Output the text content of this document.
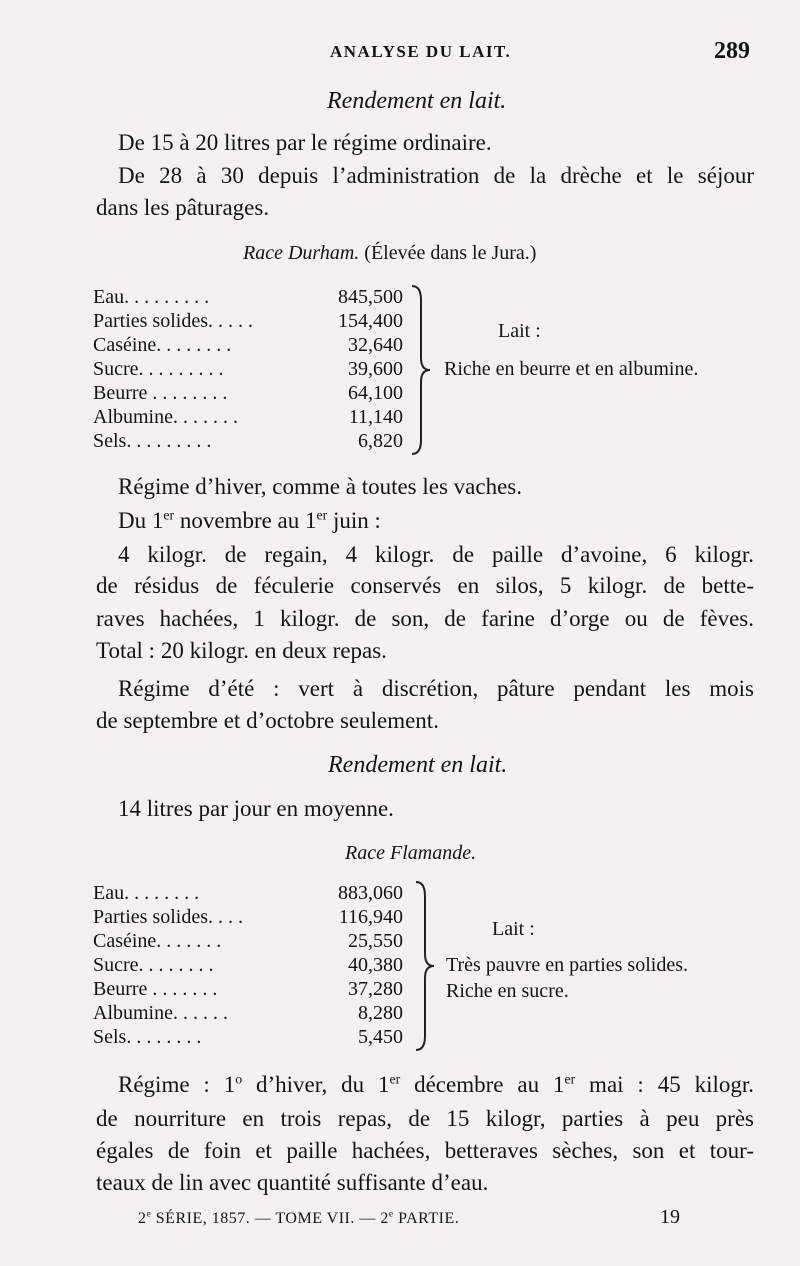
ANALYSE DU LAIT.	289
Rendement en lait.
De 15 à 20 litres par le régime ordinaire.
De 28 à 30 depuis l’administration de la drèche et le séjour
dans les pâturages.
Race Durham. (Élevée dans le Jura.)
Eau. . . . . . . . .	845,500
Parties solides. . . . .	154,400
Caséine. . . . . . . .	32,640
Sucre. . . . . . . . .	39,600
Beurre . . . . . . . .	64,100
Albumine. . . . . . .	11,140
Sels. . . . . . . . .	6,820
Lait :
Riche en beurre et en albumine.
Régime d’hiver, comme à toutes les vaches.
Du 1er novembre au 1er juin :
4 kilogr. de regain, 4 kilogr. de paille d’avoine, 6 kilogr.
de résidus de féculerie conservés en silos, 5 kilogr. de bette-
raves hachées, 1 kilogr. de son, de farine d’orge ou de fèves.
Total : 20 kilogr. en deux repas.
Régime d’été : vert à discrétion, pâture pendant les mois
de septembre et d’octobre seulement.
Rendement en lait.
14 litres par jour en moyenne.
Race Flamande.
Eau. . . . . . . .	883,060
Parties solides. . . .	116,940
Caséine. . . . . . .	25,550
Sucre. . . . . . . .	40,380
Beurre . . . . . . .	37,280
Albumine. . . . . .	8,280
Sels. . . . . . . .	5,450
Lait :
Très pauvre en parties solides.
Riche en sucre.
Régime : 1$^o$ d’hiver, du 1er décembre au 1er mai : 45 kilogr.
de nourriture en trois repas, de 15 kilogr, parties à peu près
égales de foin et paille hachées, betteraves sèches, son et tour-
teaux de lin avec quantité suffisante d’eau.
2e SÉRIE, 1857. — TOME VII. — 2e PARTIE.	19
